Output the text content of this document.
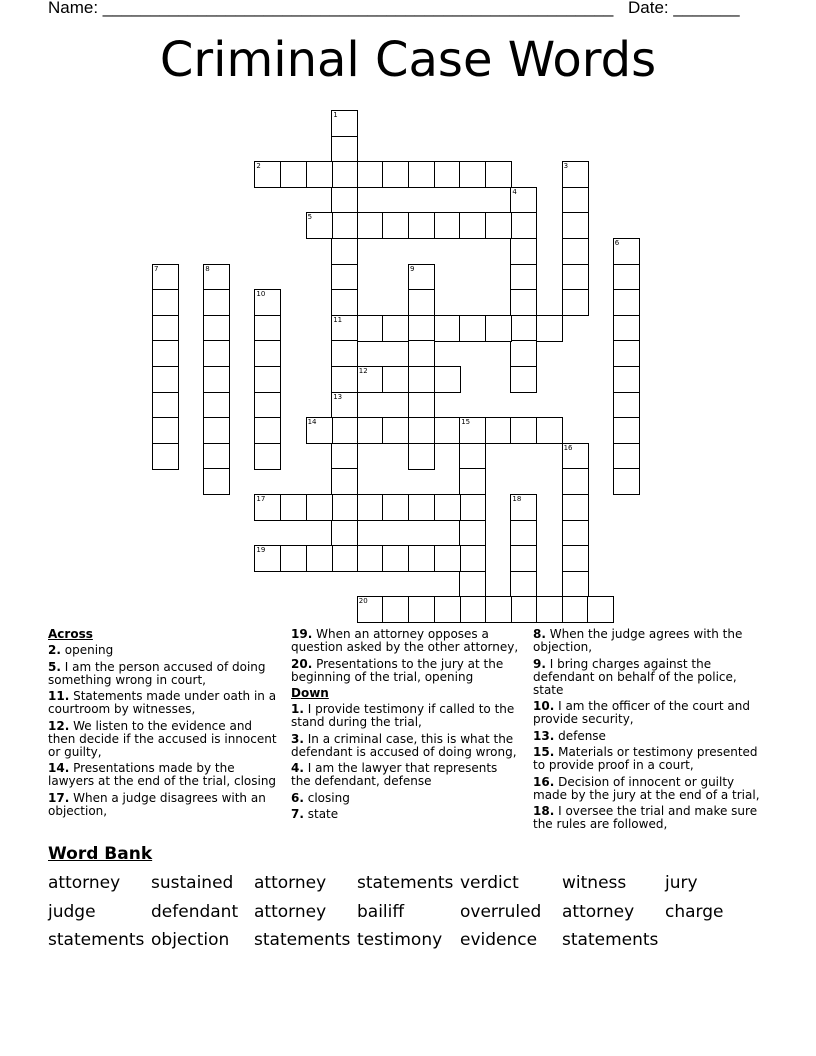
Name: ______________________________________________________ Date: _______
Criminal Case Words
1
2	3
4
5
6
7	8	9
10
11
12
13
14	15
16
17	18
19
20
Across
2. opening
5. I am the person accused of doing something wrong in court,
11. Statements made under oath in a courtroom by witnesses,
12. We listen to the evidence and then decide if the accused is innocent or guilty,
14. Presentations made by the lawyers at the end of the trial, closing
17. When a judge disagrees with an objection,
19. When an attorney opposes a question asked by the other attorney,
20. Presentations to the jury at the beginning of the trial, opening
Down
1. I provide testimony if called to the stand during the trial,
3. In a criminal case, this is what the defendant is accused of doing wrong,
4. I am the lawyer that represents the defendant, defense
6. closing
7. state
8. When the judge agrees with the objection,
9. I bring charges against the defendant on behalf of the police, state
10. I am the officer of the court and provide security,
13. defense
15. Materials or testimony presented to provide proof in a court,
16. Decision of innocent or guilty made by the jury at the end of a trial,
18. I oversee the trial and make sure the rules are followed,
Word Bank
attorney sustained attorney statements verdict	witness jury
judge	defendant attorney bailiff	overruled attorney charge
statements objection statements testimony evidence statements
